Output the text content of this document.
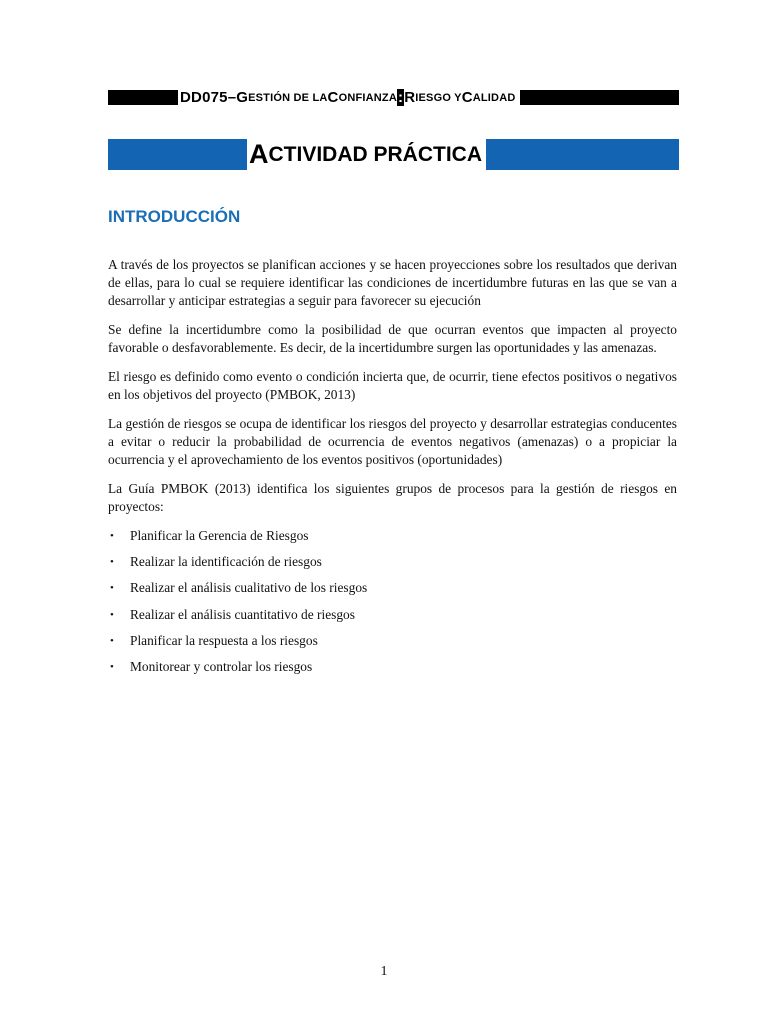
DD075– G ESTIÓN DE LA C ONFIANZA : R IESGO Y C ALIDAD
A CTIVIDAD PRÁCTICA
INTRODUCCIÓN

A través de los proyectos se planifican acciones y se hacen proyecciones sobre los resultados que derivan de ellas, para lo cual se requiere identificar las condiciones de incertidumbre futuras en las que se van a desarrollar y anticipar estrategias a seguir para favorecer su ejecución

Se define la incertidumbre como la posibilidad de que ocurran eventos que impacten al proyecto favorable o desfavorablemente. Es decir, de la incertidumbre surgen las oportunidades y las amenazas.

El riesgo es definido como evento o condición incierta que, de ocurrir, tiene efectos positivos o negativos en los objetivos del proyecto (PMBOK, 2013)

La gestión de riesgos se ocupa de identificar los riesgos del proyecto y desarrollar estrategias conducentes a evitar o reducir la probabilidad de ocurrencia de eventos negativos (amenazas) o a propiciar la ocurrencia y el aprovechamiento de los eventos positivos (oportunidades)

La Guía PMBOK (2013) identifica los siguientes grupos de procesos para la gestión de riesgos en proyectos:

• Planificar la Gerencia de Riesgos
• Realizar la identificación de riesgos
• Realizar el análisis cualitativo de los riesgos
• Realizar el análisis cuantitativo de riesgos
• Planificar la respuesta a los riesgos
• Monitorear y controlar los riesgos
1
